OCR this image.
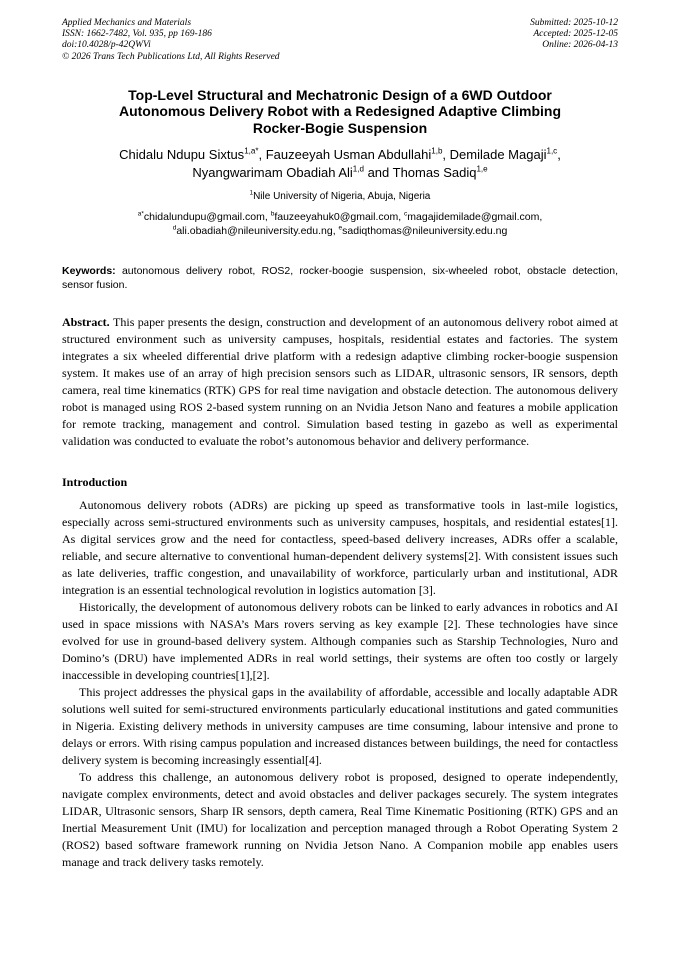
Applied Mechanics and Materials
ISSN: 1662-7482, Vol. 935, pp 169-186
doi:10.4028/p-42QWVi
© 2026 Trans Tech Publications Ltd, All Rights Reserved
Submitted: 2025-10-12
Accepted: 2025-12-05
Online: 2026-04-13
Top-Level Structural and Mechatronic Design of a 6WD Outdoor
Autonomous Delivery Robot with a Redesigned Adaptive Climbing
Rocker-Bogie Suspension
Chidalu Ndupu Sixtus$^{1,a*}$, Fauzeeyah Usman Abdullahi$^{1,b}$, Demilade Magaji$^{1,c}$,
Nyangwarimam Obadiah Ali$^{1,d}$ and Thomas Sadiq$^{1,e}$
$^1$Nile University of Nigeria, Abuja, Nigeria
$^{a*}$chidalundupu@gmail.com, $^b$fauzeeyahuk0@gmail.com, $^c$magajidemilade@gmail.com,
$^d$ali.obadiah@nileuniversity.edu.ng, $^e$sadiqthomas@nileuniversity.edu.ng
Keywords: autonomous delivery robot, ROS2, rocker-boogie suspension, six-wheeled robot, obstacle detection, sensor fusion.
Abstract. This paper presents the design, construction and development of an autonomous delivery robot aimed at structured environment such as university campuses, hospitals, residential estates and factories. The system integrates a six wheeled differential drive platform with a redesign adaptive climbing rocker-boogie suspension system. It makes use of an array of high precision sensors such as LIDAR, ultrasonic sensors, IR sensors, depth camera, real time kinematics (RTK) GPS for real time navigation and obstacle detection. The autonomous delivery robot is managed using ROS 2-based system running on an Nvidia Jetson Nano and features a mobile application for remote tracking, management and control. Simulation based testing in gazebo as well as experimental validation was conducted to evaluate the robot’s autonomous behavior and delivery performance.
Introduction

Autonomous delivery robots (ADRs) are picking up speed as transformative tools in last-mile logistics, especially across semi-structured environments such as university campuses, hospitals, and residential estates[1]. As digital services grow and the need for contactless, speed-based delivery increases, ADRs offer a scalable, reliable, and secure alternative to conventional human-dependent delivery systems[2]. With consistent issues such as late deliveries, traffic congestion, and unavailability of workforce, particularly urban and institutional, ADR integration is an essential technological revolution in logistics automation [3].

Historically, the development of autonomous delivery robots can be linked to early advances in robotics and AI used in space missions with NASA’s Mars rovers serving as key example [2]. These technologies have since evolved for use in ground-based delivery system. Although companies such as Starship Technologies, Nuro and Domino’s (DRU) have implemented ADRs in real world settings, their systems are often too costly or largely inaccessible in developing countries[1],[2].

This project addresses the physical gaps in the availability of affordable, accessible and locally adaptable ADR solutions well suited for semi-structured environments particularly educational institutions and gated communities in Nigeria. Existing delivery methods in university campuses are time consuming, labour intensive and prone to delays or errors. With rising campus population and increased distances between buildings, the need for contactless delivery system is becoming increasingly essential[4].

To address this challenge, an autonomous delivery robot is proposed, designed to operate independently, navigate complex environments, detect and avoid obstacles and deliver packages securely. The system integrates LIDAR, Ultrasonic sensors, Sharp IR sensors, depth camera, Real Time Kinematic Positioning (RTK) GPS and an Inertial Measurement Unit (IMU) for localization and perception managed through a Robot Operating System 2 (ROS2) based software framework running on Nvidia Jetson Nano. A Companion mobile app enables users manage and track delivery tasks remotely.
